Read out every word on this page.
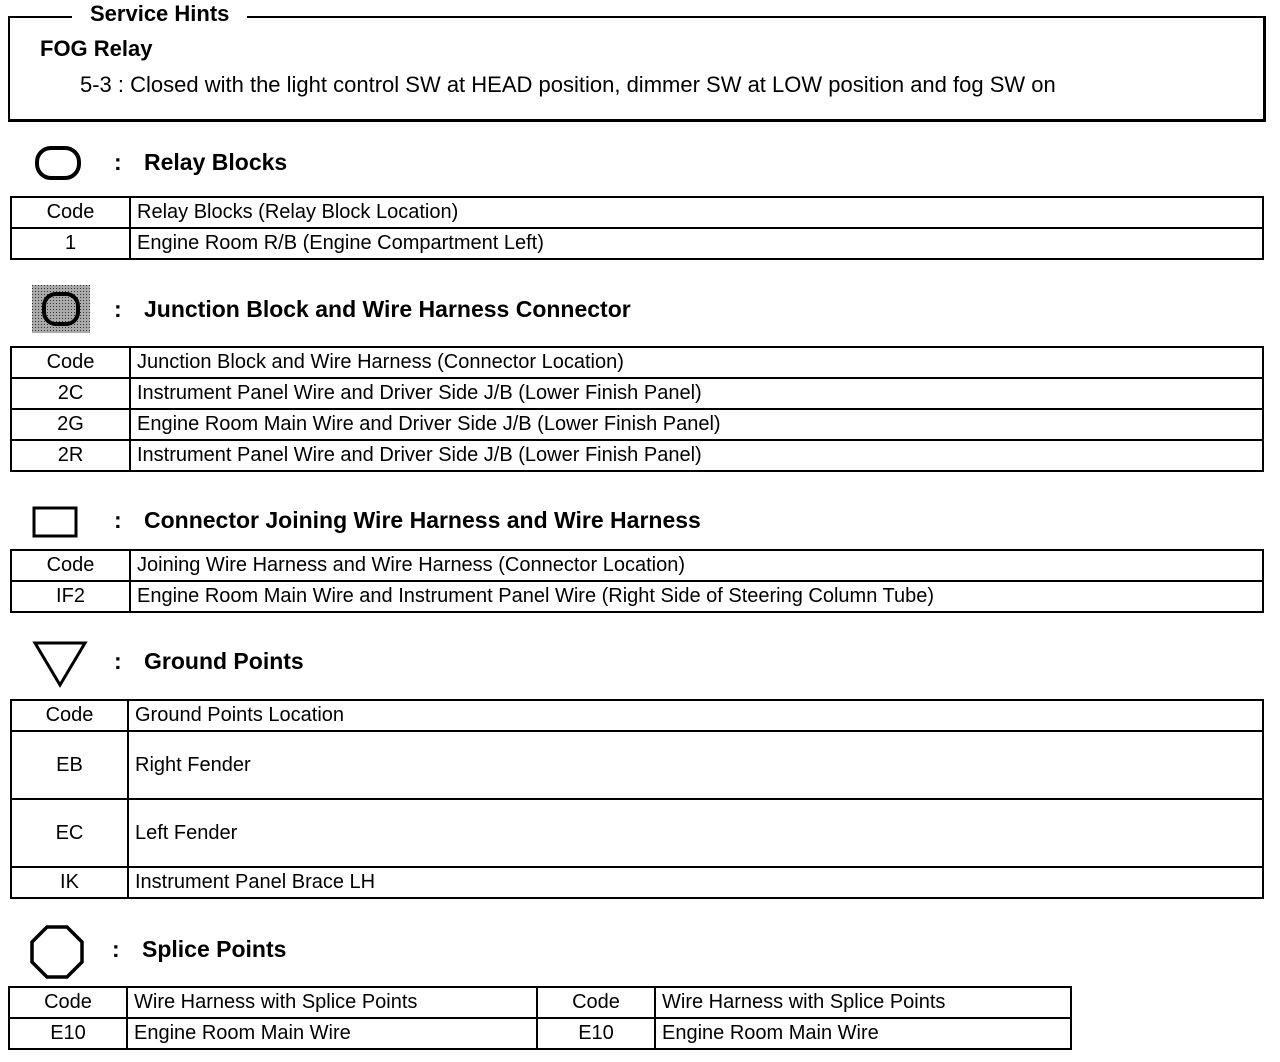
Service Hints
FOG Relay
5-3 : Closed with the light control SW at HEAD position, dimmer SW at LOW position and fog SW on
: Relay Blocks
Code	Relay Blocks (Relay Block Location)
1	Engine Room R/B (Engine Compartment Left)
: Junction Block and Wire Harness Connector
Code	Junction Block and Wire Harness (Connector Location)
2C	Instrument Panel Wire and Driver Side J/B (Lower Finish Panel)
2G	Engine Room Main Wire and Driver Side J/B (Lower Finish Panel)
2R	Instrument Panel Wire and Driver Side J/B (Lower Finish Panel)
: Connector Joining Wire Harness and Wire Harness
Code	Joining Wire Harness and Wire Harness (Connector Location)
IF2	Engine Room Main Wire and Instrument Panel Wire (Right Side of Steering Column Tube)
: Ground Points
Code	Ground Points Location
EB	Right Fender
EC	Left Fender
IK	Instrument Panel Brace LH
: Splice Points
Code	Wire Harness with Splice Points	Code	Wire Harness with Splice Points
E10	Engine Room Main Wire	E10	Engine Room Main Wire
